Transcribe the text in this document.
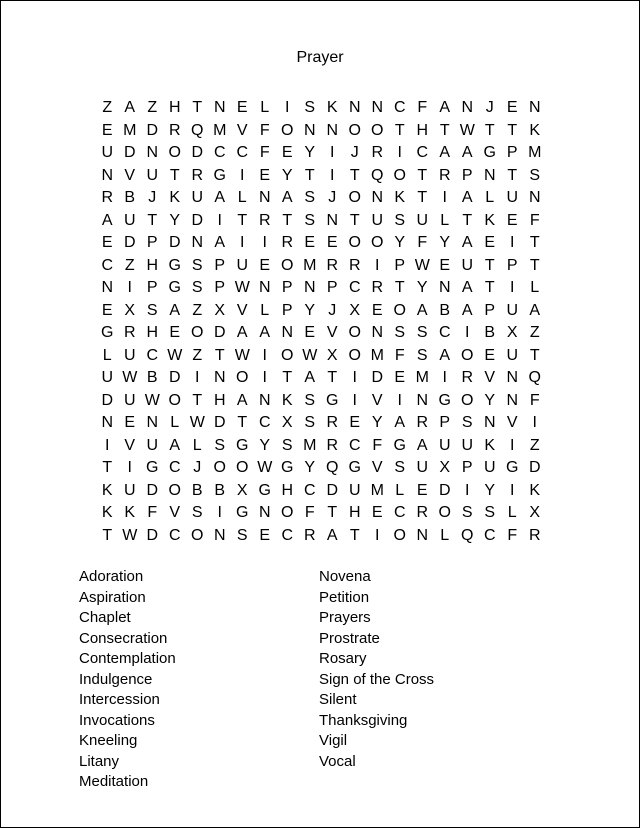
Prayer
Z A Z H T N E L I S K N N C F A N J E N
E M D R Q M V F O N N O O T H T W T T K
U D N O D C C F E Y I	J R I C A A G P M
N V U T R G I E Y T I T Q O T R P N T S
R B J K U A L N A S J O N K T I A L U N
A U T Y D I T R T S N T U S U L T K E F
E D P D N A I	I R E E O O Y F Y A E I T
C Z H G S P U E O M R R I P W E U T P T
N I P G S P W N P N P C R T Y N A T I L
E X S A Z X V L P Y J X E O A B A P U A
G R H E O D A A N E V O N S S C I B X Z
L U C W Z T W I O W X O M F S A O E U T
U W B D I N O I T A T I D E M I R V N Q
D U W O T H A N K S G I V I N G O Y N F
N E N L W D T C X S R E Y A R P S N V I
I V U A L S G Y S M R C F G A U U K I Z
T I G C J O O W G Y Q G V S U X P U G D
K U D O B B X G H C D U M L E D I Y I K
K K F V S I G N O F T H E C R O S S L X
T W D C O N S E C R A T I O N L Q C F R
Adoration
Aspiration
Chaplet
Consecration
Contemplation
Indulgence
Intercession
Invocations
Kneeling
Litany
Meditation
Novena
Petition
Prayers
Prostrate
Rosary
Sign of the Cross
Silent
Thanksgiving
Vigil
Vocal
